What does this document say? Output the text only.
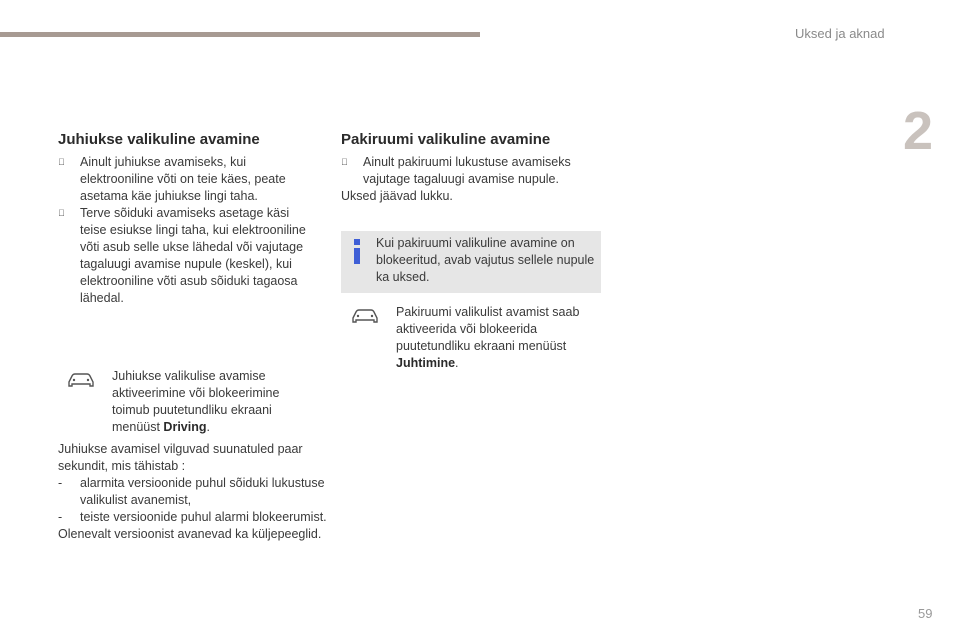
Uksed ja aknad
2
Juhiukse valikuline avamine
Ainult juhiukse avamiseks, kui elektrooniline võti on teie käes, peate asetama käe juhiukse lingi taha.
Terve sõiduki avamiseks asetage käsi teise esiukse lingi taha, kui elektrooniline võti asub selle ukse lähedal või vajutage tagaluugi avamise nupule (keskel), kui elektrooniline võti asub sõiduki tagaosa lähedal.
Juhiukse valikulise avamise aktiveerimine või blokeerimine toimub puutetundliku ekraani menüüst Driving.
Juhiukse avamisel vilguvad suunatuled paar sekundit, mis tähistab :
-	alarmita versioonide puhul sõiduki lukustuse valikulist avanemist,
-	teiste versioonide puhul alarmi blokeerumist.
Olenevalt versioonist avanevad ka küljepeeglid.
Pakiruumi valikuline avamine
Ainult pakiruumi lukustuse avamiseks vajutage tagaluugi avamise nupule.
Uksed jäävad lukku.
Kui pakiruumi valikuline avamine on blokeeritud, avab vajutus sellele nupule ka uksed.
Pakiruumi valikulist avamist saab aktiveerida või blokeerida puutetundliku ekraani menüüst Juhtimine.
59
